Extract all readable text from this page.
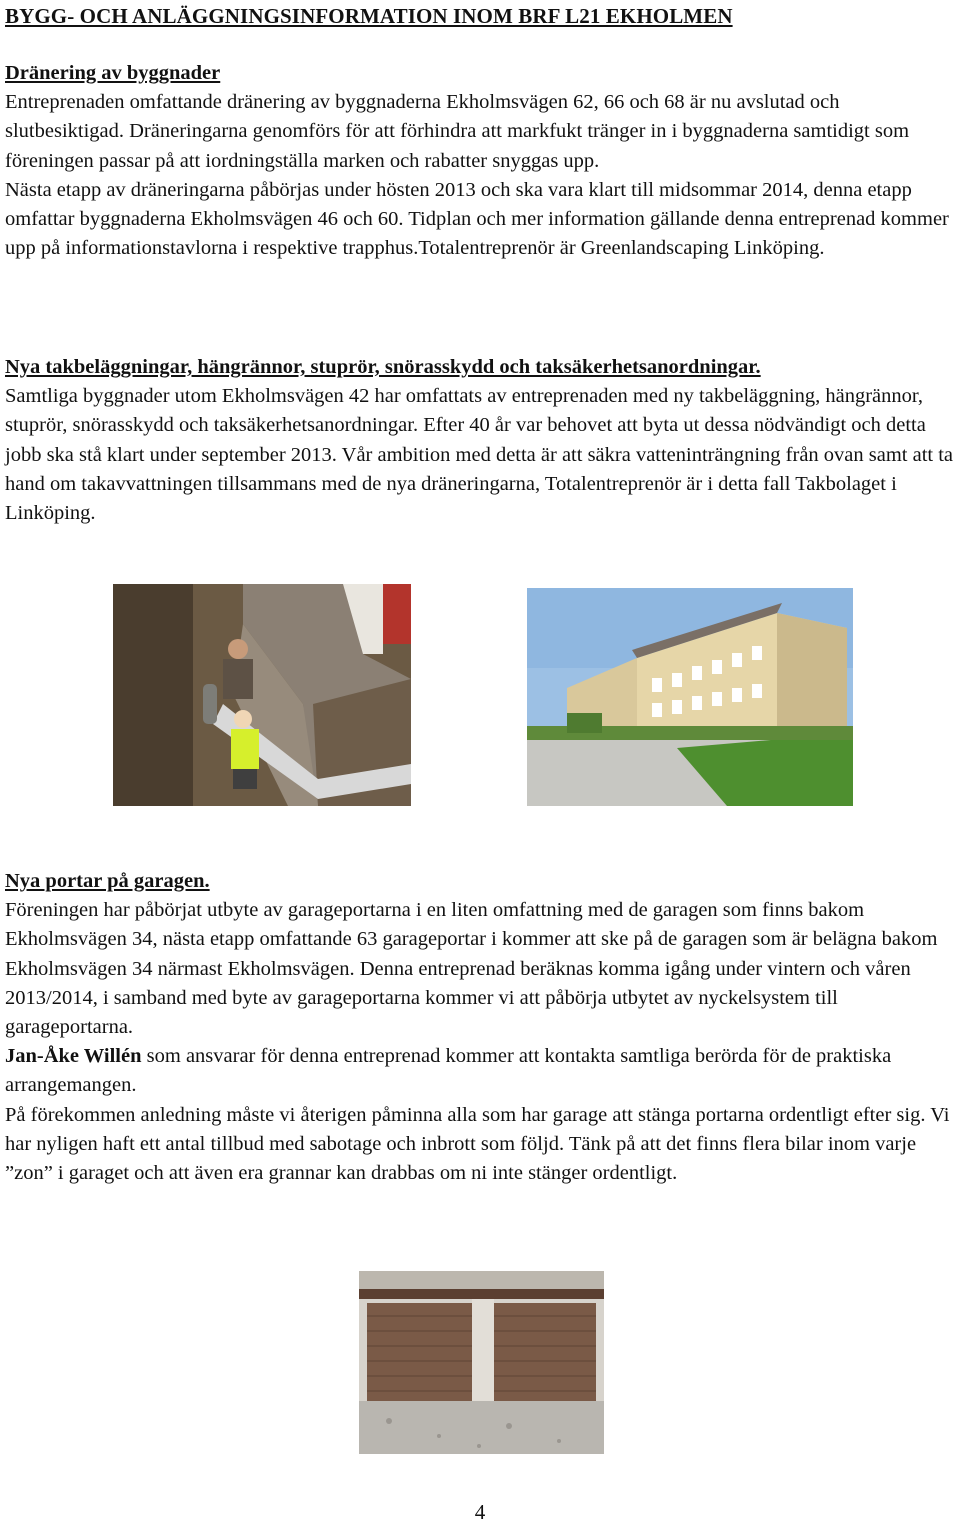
BYGG- OCH ANLÄGGNINGSINFORMATION INOM BRF L21 EKHOLMEN
Dränering av byggnader

Entreprenaden omfattande dränering av byggnaderna Ekholmsvägen 62, 66 och 68 är nu avslutad och slutbesiktigad. Dräneringarna genomförs för att förhindra att markfukt tränger in i byggnaderna samtidigt som föreningen passar på att iordningställa marken och rabatter snyggas upp.

Nästa etapp av dräneringarna påbörjas under hösten 2013 och ska vara klart till midsommar 2014, denna etapp omfattar byggnaderna Ekholmsvägen 46 och 60. Tidplan och mer information gällande denna entreprenad kommer upp på informationstavlorna i respektive trapphus.Totalentreprenör är Greenlandscaping Linköping.

Nya takbeläggningar, hängrännor, stuprör, snörasskydd och taksäkerhetsanordningar.

Samtliga byggnader utom Ekholmsvägen 42 har omfattats av entreprenaden med ny takbeläggning, hängrännor, stuprör, snörasskydd och taksäkerhetsanordningar. Efter 40 år var behovet att byta ut dessa nödvändigt och detta jobb ska stå klart under september 2013. Vår ambition med detta är att säkra vatteninträngning från ovan samt att ta hand om takavvattningen tillsammans med de nya dräneringarna, Totalentreprenör är i detta fall Takbolaget i Linköping.

Nya portar på garagen.

Föreningen har påbörjat utbyte av garageportarna i en liten omfattning med de garagen som finns bakom Ekholmsvägen 34, nästa etapp omfattande 63 garageportar i kommer att ske på de garagen som är belägna bakom Ekholmsvägen 34 närmast Ekholmsvägen. Denna entreprenad beräknas komma igång under vintern och våren 2013/2014, i samband med byte av garageportarna kommer vi att påbörja utbytet av nyckelsystem till garageportarna.

Jan-Åke Willén som ansvarar för denna entreprenad kommer att kontakta samtliga berörda för de praktiska arrangemangen.

På förekommen anledning måste vi återigen påminna alla som har garage att stänga portarna ordentligt efter sig. Vi har nyligen haft ett antal tillbud med sabotage och inbrott som följd. Tänk på att det finns flera bilar inom varje ”zon” i garaget och att även era grannar kan drabbas om ni inte stänger ordentligt.

4
